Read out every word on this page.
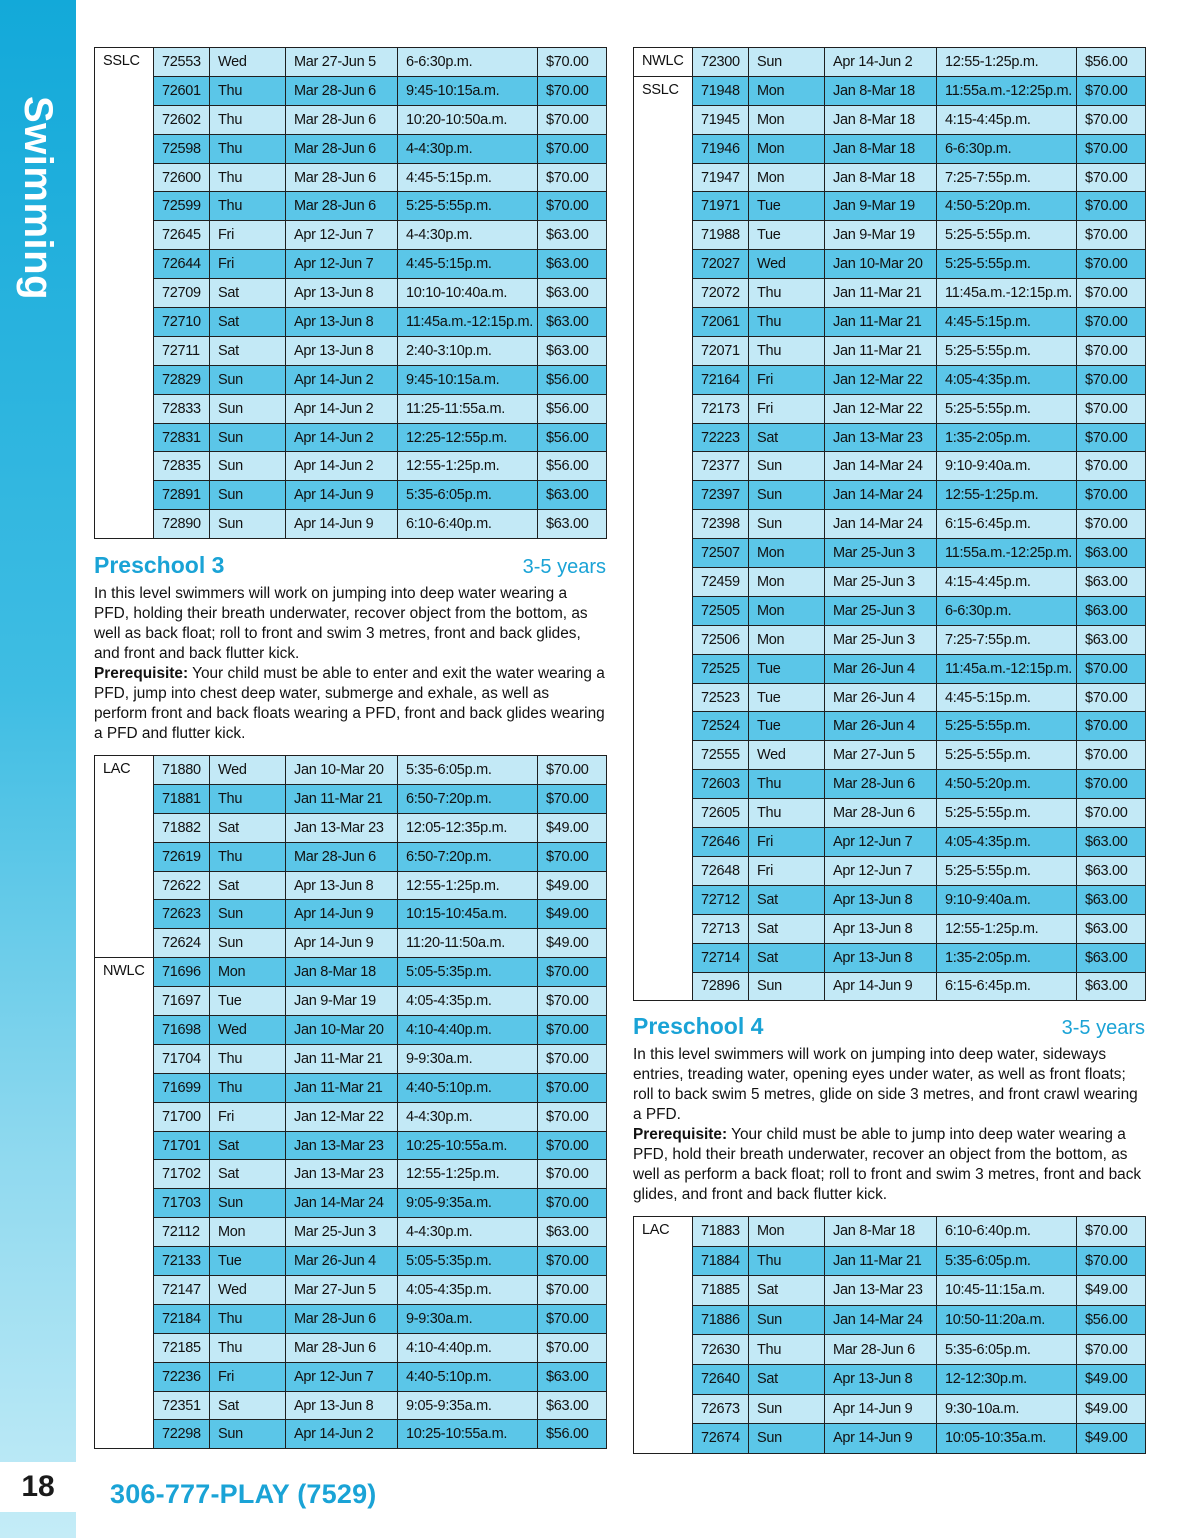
Swimming
18	306-777-PLAY (7529)
SSLC	72553	Wed	Mar 27-Jun 5	6-6:30p.m.	$70.00
	72601	Thu	Mar 28-Jun 6	9:45-10:15a.m.	$70.00
	72602	Thu	Mar 28-Jun 6	10:20-10:50a.m.	$70.00
	72598	Thu	Mar 28-Jun 6	4-4:30p.m.	$70.00
	72600	Thu	Mar 28-Jun 6	4:45-5:15p.m.	$70.00
	72599	Thu	Mar 28-Jun 6	5:25-5:55p.m.	$70.00
	72645	Fri	Apr 12-Jun 7	4-4:30p.m.	$63.00
	72644	Fri	Apr 12-Jun 7	4:45-5:15p.m.	$63.00
	72709	Sat	Apr 13-Jun 8	10:10-10:40a.m.	$63.00
	72710	Sat	Apr 13-Jun 8	11:45a.m.-12:15p.m.	$63.00
	72711	Sat	Apr 13-Jun 8	2:40-3:10p.m.	$63.00
	72829	Sun	Apr 14-Jun 2	9:45-10:15a.m.	$56.00
	72833	Sun	Apr 14-Jun 2	11:25-11:55a.m.	$56.00
	72831	Sun	Apr 14-Jun 2	12:25-12:55p.m.	$56.00
	72835	Sun	Apr 14-Jun 2	12:55-1:25p.m.	$56.00
	72891	Sun	Apr 14-Jun 9	5:35-6:05p.m.	$63.00
	72890	Sun	Apr 14-Jun 9	6:10-6:40p.m.	$63.00
Preschool 3	3-5 years
In this level swimmers will work on jumping into deep water wearing a PFD, holding their breath underwater, recover object from the bottom, as well as back float; roll to front and swim 3 metres, front and back glides, and front and back flutter kick.
Prerequisite: Your child must be able to enter and exit the water wearing a PFD, jump into chest deep water, submerge and exhale, as well as perform front and back floats wearing a PFD, front and back glides wearing a PFD and flutter kick.
LAC	71880	Wed	Jan 10-Mar 20	5:35-6:05p.m.	$70.00
	71881	Thu	Jan 11-Mar 21	6:50-7:20p.m.	$70.00
	71882	Sat	Jan 13-Mar 23	12:05-12:35p.m.	$49.00
	72619	Thu	Mar 28-Jun 6	6:50-7:20p.m.	$70.00
	72622	Sat	Apr 13-Jun 8	12:55-1:25p.m.	$49.00
	72623	Sun	Apr 14-Jun 9	10:15-10:45a.m.	$49.00
	72624	Sun	Apr 14-Jun 9	11:20-11:50a.m.	$49.00
NWLC	71696	Mon	Jan 8-Mar 18	5:05-5:35p.m.	$70.00
	71697	Tue	Jan 9-Mar 19	4:05-4:35p.m.	$70.00
	71698	Wed	Jan 10-Mar 20	4:10-4:40p.m.	$70.00
	71704	Thu	Jan 11-Mar 21	9-9:30a.m.	$70.00
	71699	Thu	Jan 11-Mar 21	4:40-5:10p.m.	$70.00
	71700	Fri	Jan 12-Mar 22	4-4:30p.m.	$70.00
	71701	Sat	Jan 13-Mar 23	10:25-10:55a.m.	$70.00
	71702	Sat	Jan 13-Mar 23	12:55-1:25p.m.	$70.00
	71703	Sun	Jan 14-Mar 24	9:05-9:35a.m.	$70.00
	72112	Mon	Mar 25-Jun 3	4-4:30p.m.	$63.00
	72133	Tue	Mar 26-Jun 4	5:05-5:35p.m.	$70.00
	72147	Wed	Mar 27-Jun 5	4:05-4:35p.m.	$70.00
	72184	Thu	Mar 28-Jun 6	9-9:30a.m.	$70.00
	72185	Thu	Mar 28-Jun 6	4:10-4:40p.m.	$70.00
	72236	Fri	Apr 12-Jun 7	4:40-5:10p.m.	$63.00
	72351	Sat	Apr 13-Jun 8	9:05-9:35a.m.	$63.00
	72298	Sun	Apr 14-Jun 2	10:25-10:55a.m.	$56.00
NWLC	72300	Sun	Apr 14-Jun 2	12:55-1:25p.m.	$56.00
SSLC	71948	Mon	Jan 8-Mar 18	11:55a.m.-12:25p.m.	$70.00
	71945	Mon	Jan 8-Mar 18	4:15-4:45p.m.	$70.00
	71946	Mon	Jan 8-Mar 18	6-6:30p.m.	$70.00
	71947	Mon	Jan 8-Mar 18	7:25-7:55p.m.	$70.00
	71971	Tue	Jan 9-Mar 19	4:50-5:20p.m.	$70.00
	71988	Tue	Jan 9-Mar 19	5:25-5:55p.m.	$70.00
	72027	Wed	Jan 10-Mar 20	5:25-5:55p.m.	$70.00
	72072	Thu	Jan 11-Mar 21	11:45a.m.-12:15p.m.	$70.00
	72061	Thu	Jan 11-Mar 21	4:45-5:15p.m.	$70.00
	72071	Thu	Jan 11-Mar 21	5:25-5:55p.m.	$70.00
	72164	Fri	Jan 12-Mar 22	4:05-4:35p.m.	$70.00
	72173	Fri	Jan 12-Mar 22	5:25-5:55p.m.	$70.00
	72223	Sat	Jan 13-Mar 23	1:35-2:05p.m.	$70.00
	72377	Sun	Jan 14-Mar 24	9:10-9:40a.m.	$70.00
	72397	Sun	Jan 14-Mar 24	12:55-1:25p.m.	$70.00
	72398	Sun	Jan 14-Mar 24	6:15-6:45p.m.	$70.00
	72507	Mon	Mar 25-Jun 3	11:55a.m.-12:25p.m.	$63.00
	72459	Mon	Mar 25-Jun 3	4:15-4:45p.m.	$63.00
	72505	Mon	Mar 25-Jun 3	6-6:30p.m.	$63.00
	72506	Mon	Mar 25-Jun 3	7:25-7:55p.m.	$63.00
	72525	Tue	Mar 26-Jun 4	11:45a.m.-12:15p.m.	$70.00
	72523	Tue	Mar 26-Jun 4	4:45-5:15p.m.	$70.00
	72524	Tue	Mar 26-Jun 4	5:25-5:55p.m.	$70.00
	72555	Wed	Mar 27-Jun 5	5:25-5:55p.m.	$70.00
	72603	Thu	Mar 28-Jun 6	4:50-5:20p.m.	$70.00
	72605	Thu	Mar 28-Jun 6	5:25-5:55p.m.	$70.00
	72646	Fri	Apr 12-Jun 7	4:05-4:35p.m.	$63.00
	72648	Fri	Apr 12-Jun 7	5:25-5:55p.m.	$63.00
	72712	Sat	Apr 13-Jun 8	9:10-9:40a.m.	$63.00
	72713	Sat	Apr 13-Jun 8	12:55-1:25p.m.	$63.00
	72714	Sat	Apr 13-Jun 8	1:35-2:05p.m.	$63.00
	72896	Sun	Apr 14-Jun 9	6:15-6:45p.m.	$63.00
Preschool 4	3-5 years
In this level swimmers will work on jumping into deep water, sideways entries, treading water, opening eyes under water, as well as front floats; roll to back swim 5 metres, glide on side 3 metres, and front crawl wearing a PFD.
Prerequisite: Your child must be able to jump into deep water wearing a PFD, hold their breath underwater, recover an object from the bottom, as well as perform a back float; roll to front and swim 3 metres, front and back glides, and front and back flutter kick.
LAC	71883	Mon	Jan 8-Mar 18	6:10-6:40p.m.	$70.00
	71884	Thu	Jan 11-Mar 21	5:35-6:05p.m.	$70.00
	71885	Sat	Jan 13-Mar 23	10:45-11:15a.m.	$49.00
	71886	Sun	Jan 14-Mar 24	10:50-11:20a.m.	$56.00
	72630	Thu	Mar 28-Jun 6	5:35-6:05p.m.	$70.00
	72640	Sat	Apr 13-Jun 8	12-12:30p.m.	$49.00
	72673	Sun	Apr 14-Jun 9	9:30-10a.m.	$49.00
	72674	Sun	Apr 14-Jun 9	10:05-10:35a.m.	$49.00
